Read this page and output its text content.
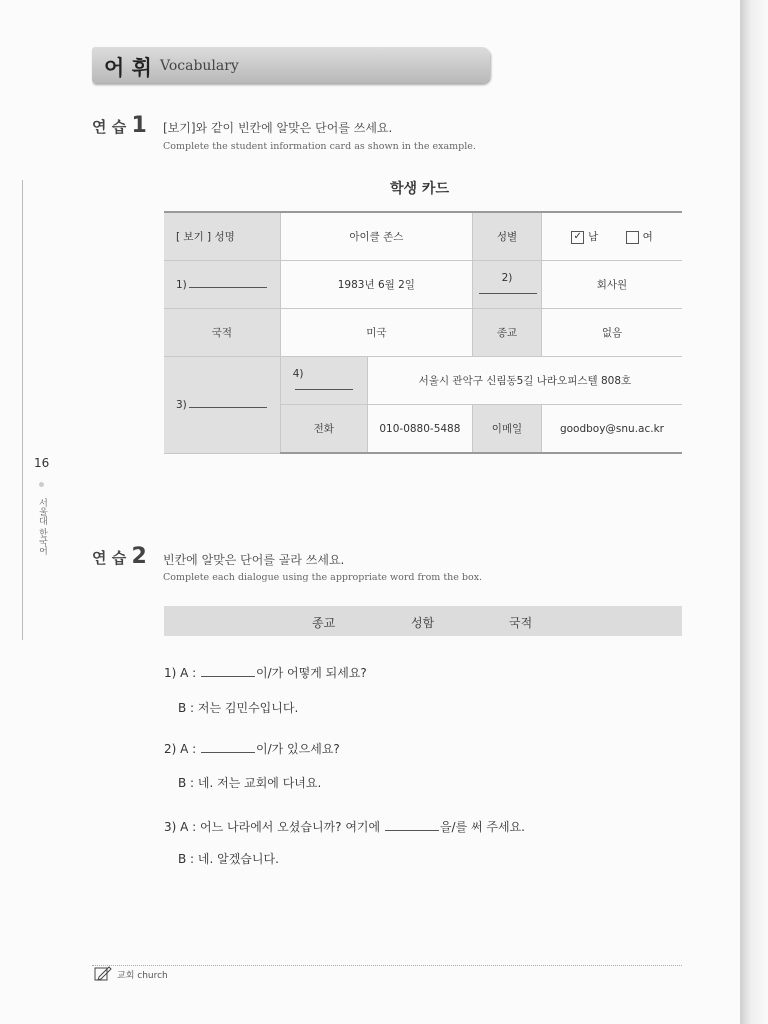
어 휘 Vocabulary
연 습 1 [보기]와 같이 빈칸에 알맞은 단어를 쓰세요.
Complete the student information card as shown in the example.
학생 카드
[ 보기 ] 성명	아이클 존스		성별	✓ 남 여
1)	1983년 6월 2일		2)	회사원
국적	미국		종교	없음
3)	4)	서울시 관악구 신림동5길 나라오피스텔 808호		
	전화	010-0880-5488	이메일	goodboy@snu.ac.kr
16
서울대 한국어
연 습 2 빈칸에 알맞은 단어를 골라 쓰세요.
Complete each dialogue using the appropriate word from the box.
종교	성함	국적
1) A :	이/가 어떻게 되세요?
B : 저는 김민수입니다.
2) A :	이/가 있으세요?
B : 네. 저는 교회에 다녀요.
3) A : 어느 나라에서 오셨습니까? 여기에	을/를 써 주세요.
B : 네. 알겠습니다.
교회 church
